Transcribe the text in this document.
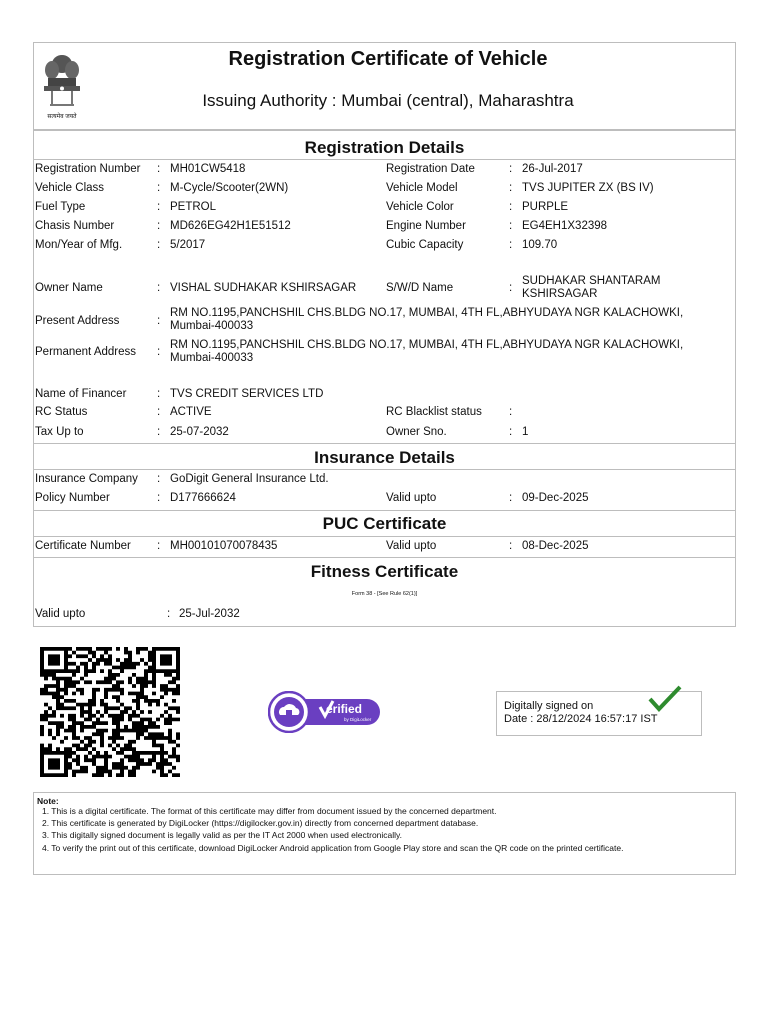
सत्यमेव जयते
Registration Certificate of Vehicle
Issuing Authority : Mumbai (central), Maharashtra
Registration Details
Registration Number : MH01CW5418	Registration Date	: 26-Jul-2017
Vehicle Class	: M-Cycle/Scooter(2WN)	Vehicle Model	: TVS JUPITER ZX (BS IV)
Fuel Type	: PETROL	Vehicle Color	: PURPLE
Chasis Number	: MD626EG42H1E51512	Engine Number	: EG4EH1X32398
Mon/Year of Mfg.	: 5/2017	Cubic Capacity	: 109.70
Owner Name	: VISHAL SUDHAKAR KSHIRSAGAR	S/W/D Name	:
SUDHAKAR SHANTARAM KSHIRSAGAR
Present Address	:
RM NO.1195,PANCHSHIL CHS.BLDG NO.17, MUMBAI, 4TH FL,ABHYUDAYA NGR KALACHOWKI, Mumbai-400033
Permanent Address :
RM NO.1195,PANCHSHIL CHS.BLDG NO.17, MUMBAI, 4TH FL,ABHYUDAYA NGR KALACHOWKI, Mumbai-400033
Name of Financer	: TVS CREDIT SERVICES LTD
RC Status	: ACTIVE	RC Blacklist status :
Tax Up to	: 25-07-2032	Owner Sno.	: 1
Insurance Details
Insurance Company : GoDigit General Insurance Ltd.
Policy Number	: D177666624	Valid upto	: 09-Dec-2025
PUC Certificate
Certificate Number : MH00101070078435	Valid upto	: 08-Dec-2025
Fitness Certificate
Form 38 - [See Rule 62(1)]
Valid upto	: 25-Jul-2032
erified
by DigiLocker
Digitally signed on
Date : 28/12/2024 16:57:17 IST
Note:
1. This is a digital certificate. The format of this certificate may differ from document issued by the concerned department.
2. This certificate is generated by DigiLocker (https://digilocker.gov.in) directly from concerned department database.
3. This digitally signed document is legally valid as per the IT Act 2000 when used electronically.
4. To verify the print out of this certificate, download DigiLocker Android application from Google Play store and scan the QR code on the printed certificate.
